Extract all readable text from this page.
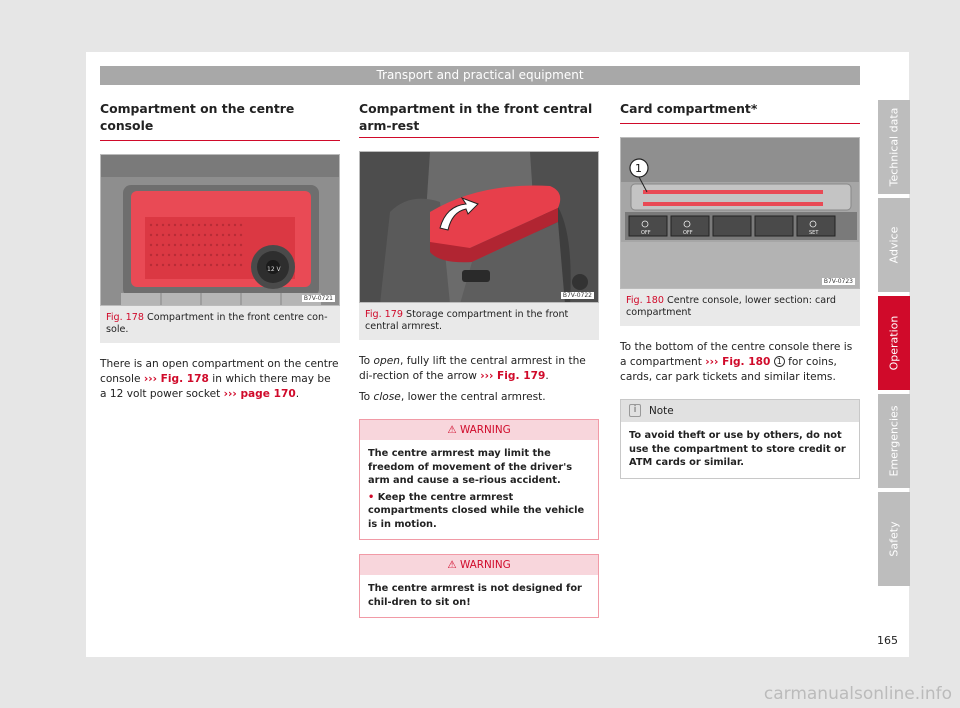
Transport and practical equipment
Compartment on the centre console
12 V
B7V-0721
Fig. 178 Compartment in the front centre con-sole.

There is an open compartment on the centre console ››› Fig. 178 in which there may be a 12 volt power socket ››› page 170.

Compartment in the front central arm-rest
B7V-0722
Fig. 179 Storage compartment in the front central armrest.

To open, fully lift the central armrest in the di-rection of the arrow ››› Fig. 179.

To close, lower the central armrest.

⚠ WARNING
The centre armrest may limit the freedom of movement of the driver's arm and cause a se-rious accident.
• Keep the centre armrest compartments closed while the vehicle is in motion.
⚠ WARNING
The centre armrest is not designed for chil-dren to sit on!
Card compartment*
OFF	OFF	SET
1
B7V-0723
Fig. 180 Centre console, lower section: card compartment

To the bottom of the centre console there is a compartment ››› Fig. 180 1 for coins, cards, car park tickets and similar items.

i	Note
To avoid theft or use by others, do not use the compartment to store credit or ATM cards or similar.
Technical data
Advice
Operation
Emergencies
Safety
165
carmanualsonline.info
